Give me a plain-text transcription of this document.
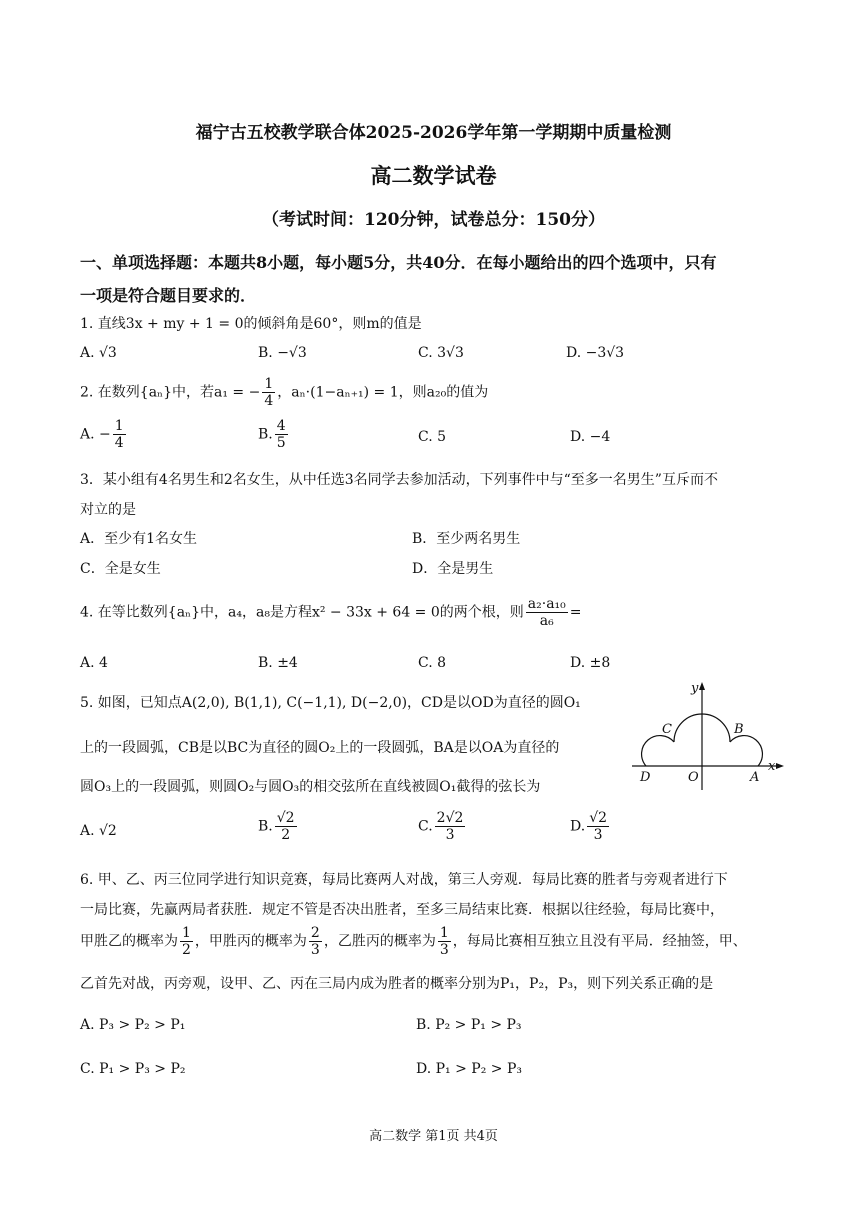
福宁古五校教学联合体2025-2026学年第一学期期中质量检测
高二数学试卷
（考试时间：120分钟，试卷总分：150分）
一、单项选择题：本题共8小题，每小题5分，共40分．在每小题给出的四个选项中，只有
一项是符合题目要求的．
1. 直线3x + my + 1 = 0的倾斜角是60°，则m的值是
A. √3	B. −√3	C. 3√3	D. −3√3
2. 在数列{aₙ}中，若a₁ = − $\frac{1}{4}$ ，aₙ·(1−aₙ₊₁) = 1，则a₂₀的值为
A. − $\frac{1}{4}$	B. $\frac{4}{5}$	C. 5	D. −4
3．某小组有4名男生和2名女生，从中任选3名同学去参加活动，下列事件中与“至多一名男生”互斥而不
对立的是
A．至少有1名女生	B．至少两名男生
C．全是女生	D．全是男生
4. 在等比数列{aₙ}中，a₄，a₈是方程x² − 33x + 64 = 0的两个根，则 $\frac{\text{a₂·a₁₀}}{\text{a₆}}$ =
A. 4	B. ±4	C. 8	D. ±8
5. 如图，已知点A(2,0), B(1,1), C(−1,1), D(−2,0)，CD是以OD为直径的圆O₁
上的一段圆弧，CB是以BC为直径的圆O₂上的一段圆弧，BA是以OA为直径的
圆O₃上的一段圆弧，则圆O₂与圆O₃的相交弦所在直线被圆O₁截得的弦长为
y
x
C	B
D	O	A
A. √2	B. $\frac{√2}{2}$	C. $\frac{2√2}{3}$	D. $\frac{√2}{3}$
6. 甲、乙、丙三位同学进行知识竞赛，每局比赛两人对战，第三人旁观．每局比赛的胜者与旁观者进行下
一局比赛，先赢两局者获胜．规定不管是否决出胜者，至多三局结束比赛．根据以往经验，每局比赛中，
甲胜乙的概率为 $\frac{1}{2}$ ，甲胜丙的概率为 $\frac{2}{3}$ ，乙胜丙的概率为 $\frac{1}{3}$ ，每局比赛相互独立且没有平局．经抽签，甲、
乙首先对战，丙旁观，设甲、乙、丙在三局内成为胜者的概率分别为P₁，P₂，P₃，则下列关系正确的是
A. P₃ > P₂ > P₁	B. P₂ > P₁ > P₃
C. P₁ > P₃ > P₂	D. P₁ > P₂ > P₃
高二数学 第1页 共4页
